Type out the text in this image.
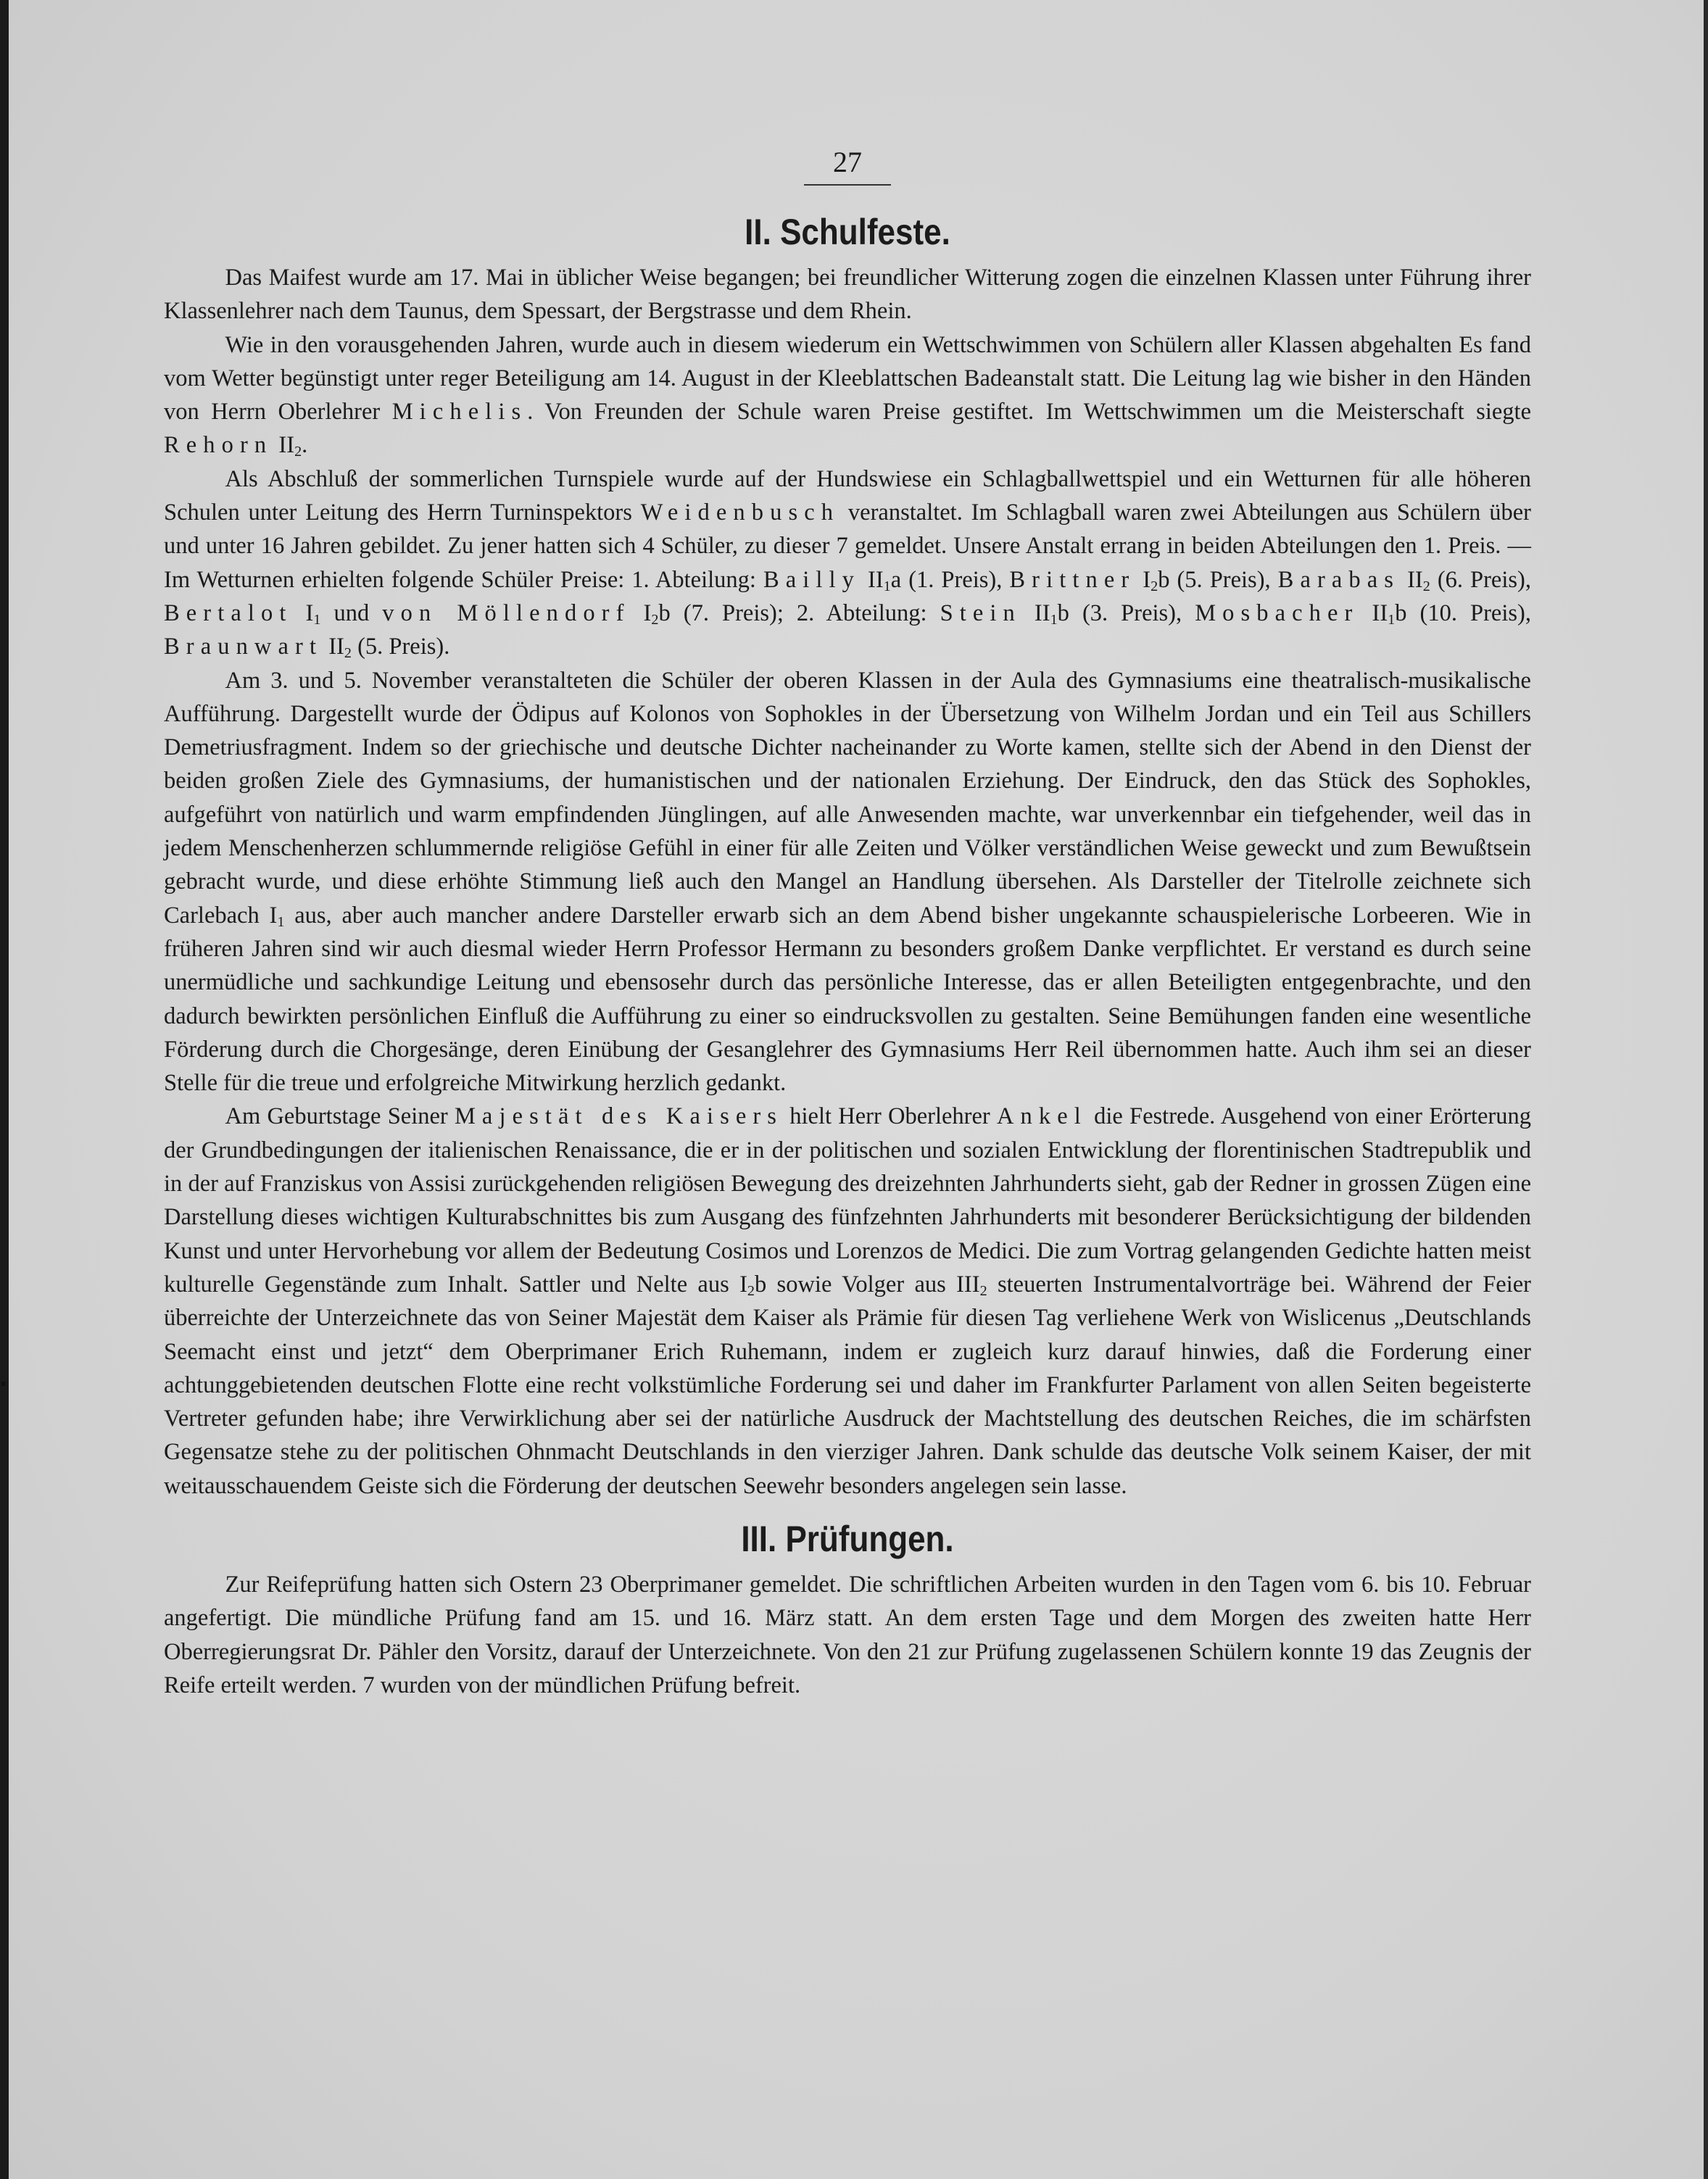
27
II. Schulfeste.

Das Maifest wurde am 17. Mai in üblicher Weise begangen; bei freundlicher Witterung zogen die einzelnen Klassen unter Führung ihrer Klassenlehrer nach dem Taunus, dem Spessart, der Bergstrasse und dem Rhein.

Wie in den vorausgehenden Jahren, wurde auch in diesem wiederum ein Wettschwimmen von Schülern aller Klassen abgehalten Es fand vom Wetter begünstigt unter reger Beteiligung am 14. August in der Kleeblattschen Badeanstalt statt. Die Leitung lag wie bisher in den Händen von Herrn Oberlehrer Michelis. Von Freunden der Schule waren Preise gestiftet. Im Wettschwimmen um die Meisterschaft siegte Rehorn $II_2$.

Als Abschluß der sommerlichen Turnspiele wurde auf der Hundswiese ein Schlagballwettspiel und ein Wetturnen für alle höheren Schulen unter Leitung des Herrn Turninspektors Weidenbusch veranstaltet. Im Schlagball waren zwei Abteilungen aus Schülern über und unter 16 Jahren gebildet. Zu jener hatten sich 4 Schüler, zu dieser 7 gemeldet. Unsere Anstalt errang in beiden Abteilungen den 1. Preis. — Im Wetturnen erhielten folgende Schüler Preise: 1. Abteilung: Bailly $II_1a$ (1. Preis), Brittner $I_2b$ (5. Preis), Barabas $II_2$ (6. Preis), Bertalot $I_1$ und von Möllendorf $I_2b$ (7. Preis); 2. Abteilung: Stein $II_1b$ (3. Preis), Mosbacher $II_1b$ (10. Preis), Braunwart $II_2$ (5. Preis).

Am 3. und 5. November veranstalteten die Schüler der oberen Klassen in der Aula des Gymnasiums eine theatralisch-musikalische Aufführung. Dargestellt wurde der Ödipus auf Kolonos von Sophokles in der Übersetzung von Wilhelm Jordan und ein Teil aus Schillers Demetriusfragment. Indem so der griechische und deutsche Dichter nacheinander zu Worte kamen, stellte sich der Abend in den Dienst der beiden großen Ziele des Gymnasiums, der humanistischen und der nationalen Erziehung. Der Eindruck, den das Stück des Sophokles, aufgeführt von natürlich und warm empfindenden Jünglingen, auf alle Anwesenden machte, war unverkennbar ein tiefgehender, weil das in jedem Menschenherzen schlummernde religiöse Gefühl in einer für alle Zeiten und Völker verständlichen Weise geweckt und zum Bewußtsein gebracht wurde, und diese erhöhte Stimmung ließ auch den Mangel an Handlung übersehen. Als Darsteller der Titelrolle zeichnete sich Carlebach $I_1$ aus, aber auch mancher andere Darsteller erwarb sich an dem Abend bisher ungekannte schauspielerische Lorbeeren. Wie in früheren Jahren sind wir auch diesmal wieder Herrn Professor Hermann zu besonders großem Danke verpflichtet. Er verstand es durch seine unermüdliche und sachkundige Leitung und ebensosehr durch das persönliche Interesse, das er allen Beteiligten entgegenbrachte, und den dadurch bewirkten persönlichen Einfluß die Aufführung zu einer so eindrucksvollen zu gestalten. Seine Bemühungen fanden eine wesentliche Förderung durch die Chorgesänge, deren Einübung der Gesanglehrer des Gymnasiums Herr Reil übernommen hatte. Auch ihm sei an dieser Stelle für die treue und erfolgreiche Mitwirkung herzlich gedankt.

Am Geburtstage Seiner Majestät des Kaisers hielt Herr Oberlehrer Ankel die Festrede. Ausgehend von einer Erörterung der Grundbedingungen der italienischen Renaissance, die er in der politischen und sozialen Entwicklung der florentinischen Stadtrepublik und in der auf Franziskus von Assisi zurückgehenden religiösen Bewegung des dreizehnten Jahrhunderts sieht, gab der Redner in grossen Zügen eine Darstellung dieses wichtigen Kulturabschnittes bis zum Ausgang des fünfzehnten Jahrhunderts mit besonderer Berücksichtigung der bildenden Kunst und unter Hervorhebung vor allem der Bedeutung Cosimos und Lorenzos de Medici. Die zum Vortrag gelangenden Gedichte hatten meist kulturelle Gegenstände zum Inhalt. Sattler und Nelte aus $I_2b$ sowie Volger aus $III_2$ steuerten Instrumentalvorträge bei. Während der Feier überreichte der Unterzeichnete das von Seiner Majestät dem Kaiser als Prämie für diesen Tag verliehene Werk von Wislicenus „Deutschlands Seemacht einst und jetzt“ dem Oberprimaner Erich Ruhemann, indem er zugleich kurz darauf hinwies, daß die Forderung einer achtunggebietenden deutschen Flotte eine recht volkstümliche Forderung sei und daher im Frankfurter Parlament von allen Seiten begeisterte Vertreter gefunden habe; ihre Verwirklichung aber sei der natürliche Ausdruck der Machtstellung des deutschen Reiches, die im schärfsten Gegensatze stehe zu der politischen Ohnmacht Deutschlands in den vierziger Jahren. Dank schulde das deutsche Volk seinem Kaiser, der mit weitausschauendem Geiste sich die Förderung der deutschen Seewehr besonders angelegen sein lasse.

III. Prüfungen.

Zur Reifeprüfung hatten sich Ostern 23 Oberprimaner gemeldet. Die schriftlichen Arbeiten wurden in den Tagen vom 6. bis 10. Februar angefertigt. Die mündliche Prüfung fand am 15. und 16. März statt. An dem ersten Tage und dem Morgen des zweiten hatte Herr Oberregierungsrat Dr. Pähler den Vorsitz, darauf der Unterzeichnete. Von den 21 zur Prüfung zugelassenen Schülern konnte 19 das Zeugnis der Reife erteilt werden. 7 wurden von der mündlichen Prüfung befreit.
